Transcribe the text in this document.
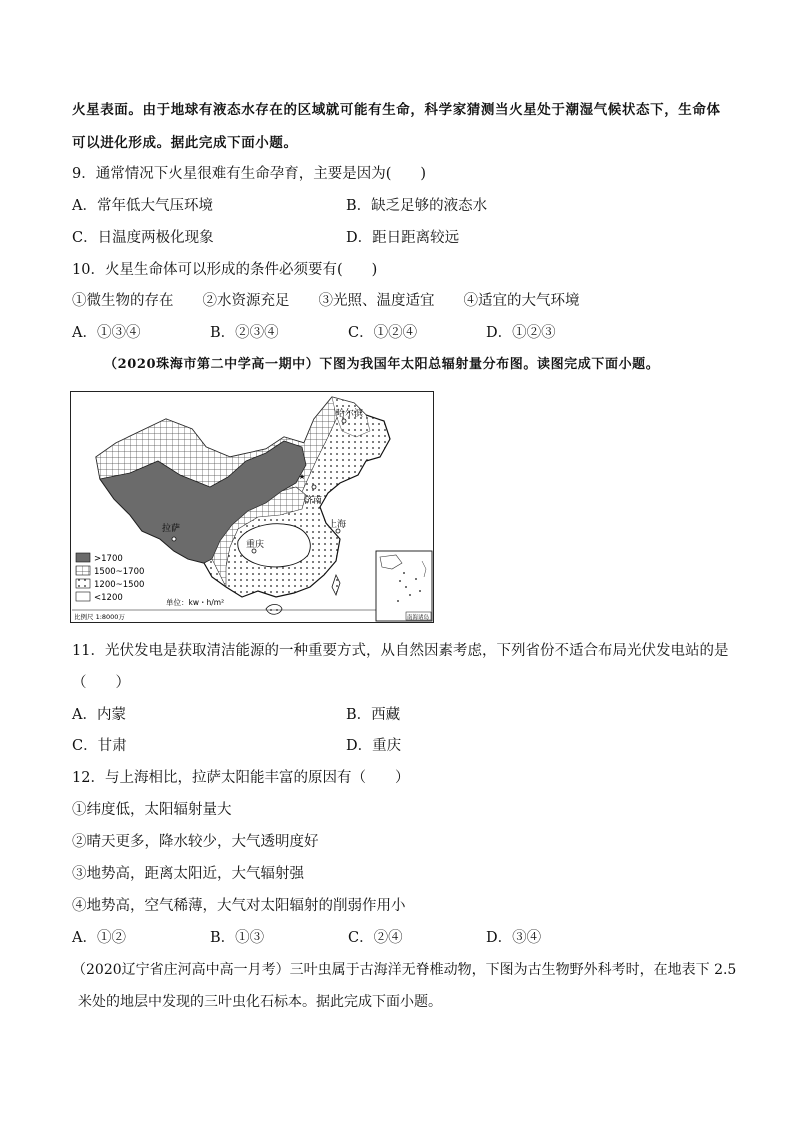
火星表面。由于地球有液态水存在的区域就可能有生命，科学家猜测当火星处于潮湿气候状态下，生命体
可以进化形成。据此完成下面小题。
9．通常情况下火星很难有生命孕育，主要是因为(　　)
A．常年低大气压环境	B．缺乏足够的液态水
C．日温度两极化现象	D．距日距离较远
10．火星生命体可以形成的条件必须要有(　　)
①微生物的存在　　②水资源充足　　③光照、温度适宜　　④适宜的大气环境
A．①③④	B．②③④	C．①②④	D．①②③
（2020珠海市第二中学高一期中）下图为我国年太阳总辐射量分布图。读图完成下面小题。
哈尔滨
济南
拉萨
重庆
上海
>1700
1500~1700
1200~1500
<1200	单位：kw・h/m²
比例尺 1:8000万	南海诸岛
11．光伏发电是获取清洁能源的一种重要方式，从自然因素考虑，下列省份不适合布局光伏发电站的是
（　　）
A．内蒙	B．西藏
C．甘肃	D．重庆
12．与上海相比，拉萨太阳能丰富的原因有（　　）
①纬度低，太阳辐射量大
②晴天更多，降水较少，大气透明度好
③地势高，距离太阳近，大气辐射强
④地势高，空气稀薄，大气对太阳辐射的削弱作用小
A．①②	B．①③	C．②④	D．③④
（2020辽宁省庄河高中高一月考）三叶虫属于古海洋无脊椎动物，下图为古生物野外科考时，在地表下 2.5
米处的地层中发现的三叶虫化石标本。据此完成下面小题。
